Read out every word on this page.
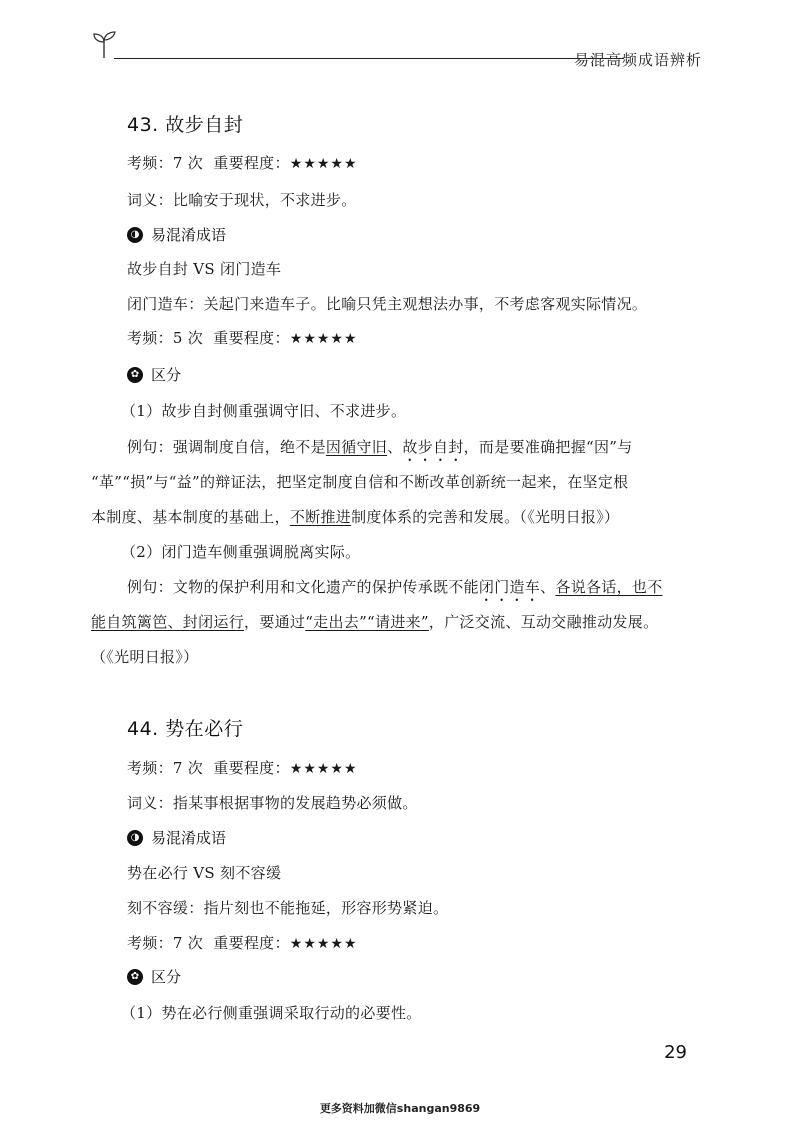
易混高频成语辨析
43. 故步自封
考频：7 次 重要程度：★★★★★
词义：比喻安于现状，不求进步。
◑ 易混淆成语
故步自封 VS 闭门造车
闭门造车：关起门来造车子。比喻只凭主观想法办事，不考虑客观实际情况。
考频：5 次 重要程度：★★★★★
✿ 区分
（1）故步自封侧重强调守旧、不求进步。
例句：强调制度自信，绝不是因循守旧、故步自封，而是要准确把握“因”与
“革”“损”与“益”的辩证法，把坚定制度自信和不断改革创新统一起来，在坚定根
本制度、基本制度的基础上，不断推进制度体系的完善和发展。（《光明日报》）
（2）闭门造车侧重强调脱离实际。
例句：文物的保护利用和文化遗产的保护传承既不能闭门造车、各说各话，也不
能自筑篱笆、封闭运行，要通过“走出去”“请进来”，广泛交流、互动交融推动发展。
（《光明日报》）
44. 势在必行
考频：7 次 重要程度：★★★★★
词义：指某事根据事物的发展趋势必须做。
◑ 易混淆成语
势在必行 VS 刻不容缓
刻不容缓：指片刻也不能拖延，形容形势紧迫。
考频：7 次 重要程度：★★★★★
✿ 区分
（1）势在必行侧重强调采取行动的必要性。
29
更多资料加微信shangan9869
